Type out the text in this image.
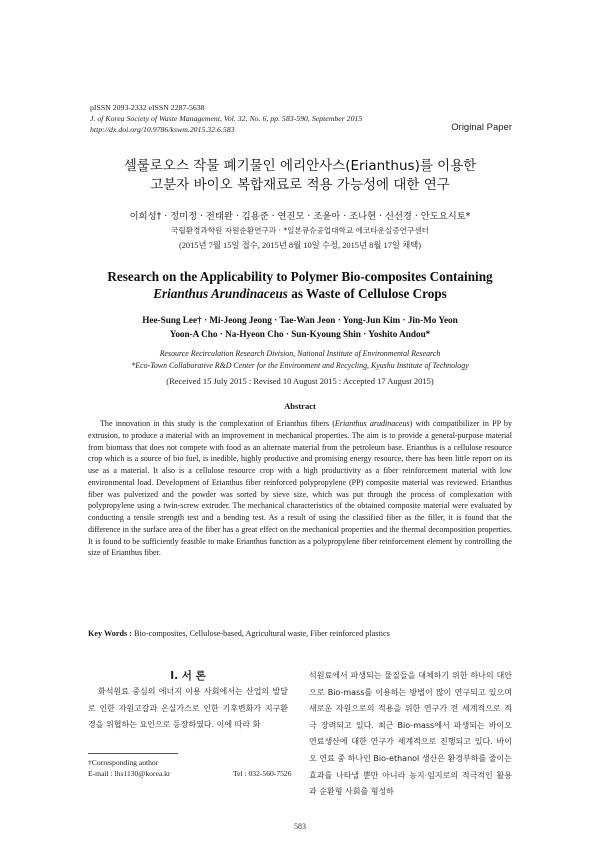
pISSN 2093-2332 eISSN 2287-5638
J. of Korea Society of Waste Management, Vol. 32, No. 6, pp. 583-590, September 2015
http://dx.doi.org/10.9786/kswm.2015.32.6.583	Original Paper
셀룰로오스 작물 폐기물인 에리안사스(Erianthus)를 이용한
고분자 바이오 복합재료로 적용 가능성에 대한 연구
이희성† · 정미정 · 전태완 · 김용준 · 연진모 · 조윤아 · 조나현 · 신선경 · 안도요시토*
국립환경과학원 자원순환연구과 · *일본큐슈공업대학교 에코타운실증연구센터
(2015년 7월 15일 접수, 2015년 8월 10일 수정, 2015년 8월 17일 채택)
Research on the Applicability to Polymer Bio-composites Containing
Erianthus Arundinaceus as Waste of Cellulose Crops
Hee-Sung Lee† · Mi-Jeong Jeong · Tae-Wan Jeon · Yong-Jun Kim · Jin-Mo Yeon
Yoon-A Cho · Na-Hyeon Cho · Sun-Kyoung Shin · Yoshito Andou*
Resource Recirculation Research Division, National Institute of Environmental Research
*Eco-Town Collaborative R&D Center for the Environment and Recycling, Kyushu Institute of Technology
(Received 15 July 2015 : Revised 10 August 2015 : Accepted 17 August 2015)
Abstract

The innovation in this study is the complexation of Erianthus fibers (Erianthus arudinaceus) with compatibilizer in PP by extrusion, to produce a material with an improvement in mechanical properties. The aim is to provide a general-purpose material from biomass that does not compete with food as an alternate material from the petroleum base. Erianthus is a cellulose resource crop which is a source of bio fuel, is inedible, highly productive and promising energy resource, there has been little report on its use as a material. It also is a cellulose resource crop with a high productivity as a fiber reinforcement material with low environmental load. Development of Erianthus fiber reinforced polypropylene (PP) composite material was reviewed. Erianthus fiber was pulverized and the powder was sorted by sieve size, which was put through the process of complexation with polypropylene using a twin-screw extruder. The mechanical characteristics of the obtained composite material were evaluated by conducting a tensile strength test and a bending test. As a result of using the classified fiber as the filler, it is found that the difference in the surface area of the fiber has a great effect on the mechanical properties and the thermal decomposition properties. It is found to be sufficiently feasible to make Erianthus function as a polypropylene fiber reinforcement element by controlling the size of Erianthus fiber.

Key Words : Bio-composites, Cellulose-based, Agricultural waste, Fiber reinforced plastics
I. 서 론
화석원료 중심의 에너지 이용 사회에서는 산업의 발달로 인한 자원고갈과 온실가스로 인한 기후변화가 지구환경을 위협하는 요인으로 등장하였다. 이에 따라 화
석원료에서 파생되는 물질들을 대체하기 위한 하나의 대안으로 Bio-mass를 이용하는 방법이 많이 연구되고 있으며 새로운 자원으로의 적용을 위한 연구가 전 세계적으로 적극 장려되고 있다. 최근 Bio-mass에서 파생되는 바이오 연료생산에 대한 연구가 세계적으로 진행되고 있다. 바이오 연료 중 하나인 Bio-ethanol 생산은 환경부하를 줄이는 효과를 나타낼 뿐만 아니라 농지·임지로의 적극적인 활용과 순환형 사회를 형성하
†Corresponding author
E-mail : lhs1130@korea.kr	Tel : 032-560-7526
583
